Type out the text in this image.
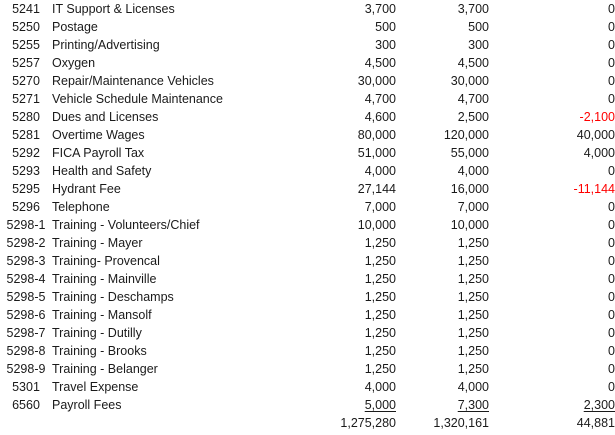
5241	IT Support & Licenses	3,700	3,700	0
5250	Postage	500	500	0
5255	Printing/Advertising	300	300	0
5257	Oxygen	4,500	4,500	0
5270	Repair/Maintenance Vehicles	30,000	30,000	0
5271	Vehicle Schedule Maintenance	4,700	4,700	0
5280	Dues and Licenses	4,600	2,500	-2,100
5281	Overtime Wages	80,000	120,000	40,000
5292	FICA Payroll Tax	51,000	55,000	4,000
5293	Health and Safety	4,000	4,000	0
5295	Hydrant Fee	27,144	16,000	-11,144
5296	Telephone	7,000	7,000	0
5298-1	Training - Volunteers/Chief	10,000	10,000	0
5298-2	Training - Mayer	1,250	1,250	0
5298-3	Training- Provencal	1,250	1,250	0
5298-4	Training - Mainville	1,250	1,250	0
5298-5	Training - Deschamps	1,250	1,250	0
5298-6	Training - Mansolf	1,250	1,250	0
5298-7	Training - Dutilly	1,250	1,250	0
5298-8	Training - Brooks	1,250	1,250	0
5298-9	Training - Belanger	1,250	1,250	0
5301	Travel Expense	4,000	4,000	0
6560	Payroll Fees	5,000	7,300	2,300
		1,275,280	1,320,161	44,881
